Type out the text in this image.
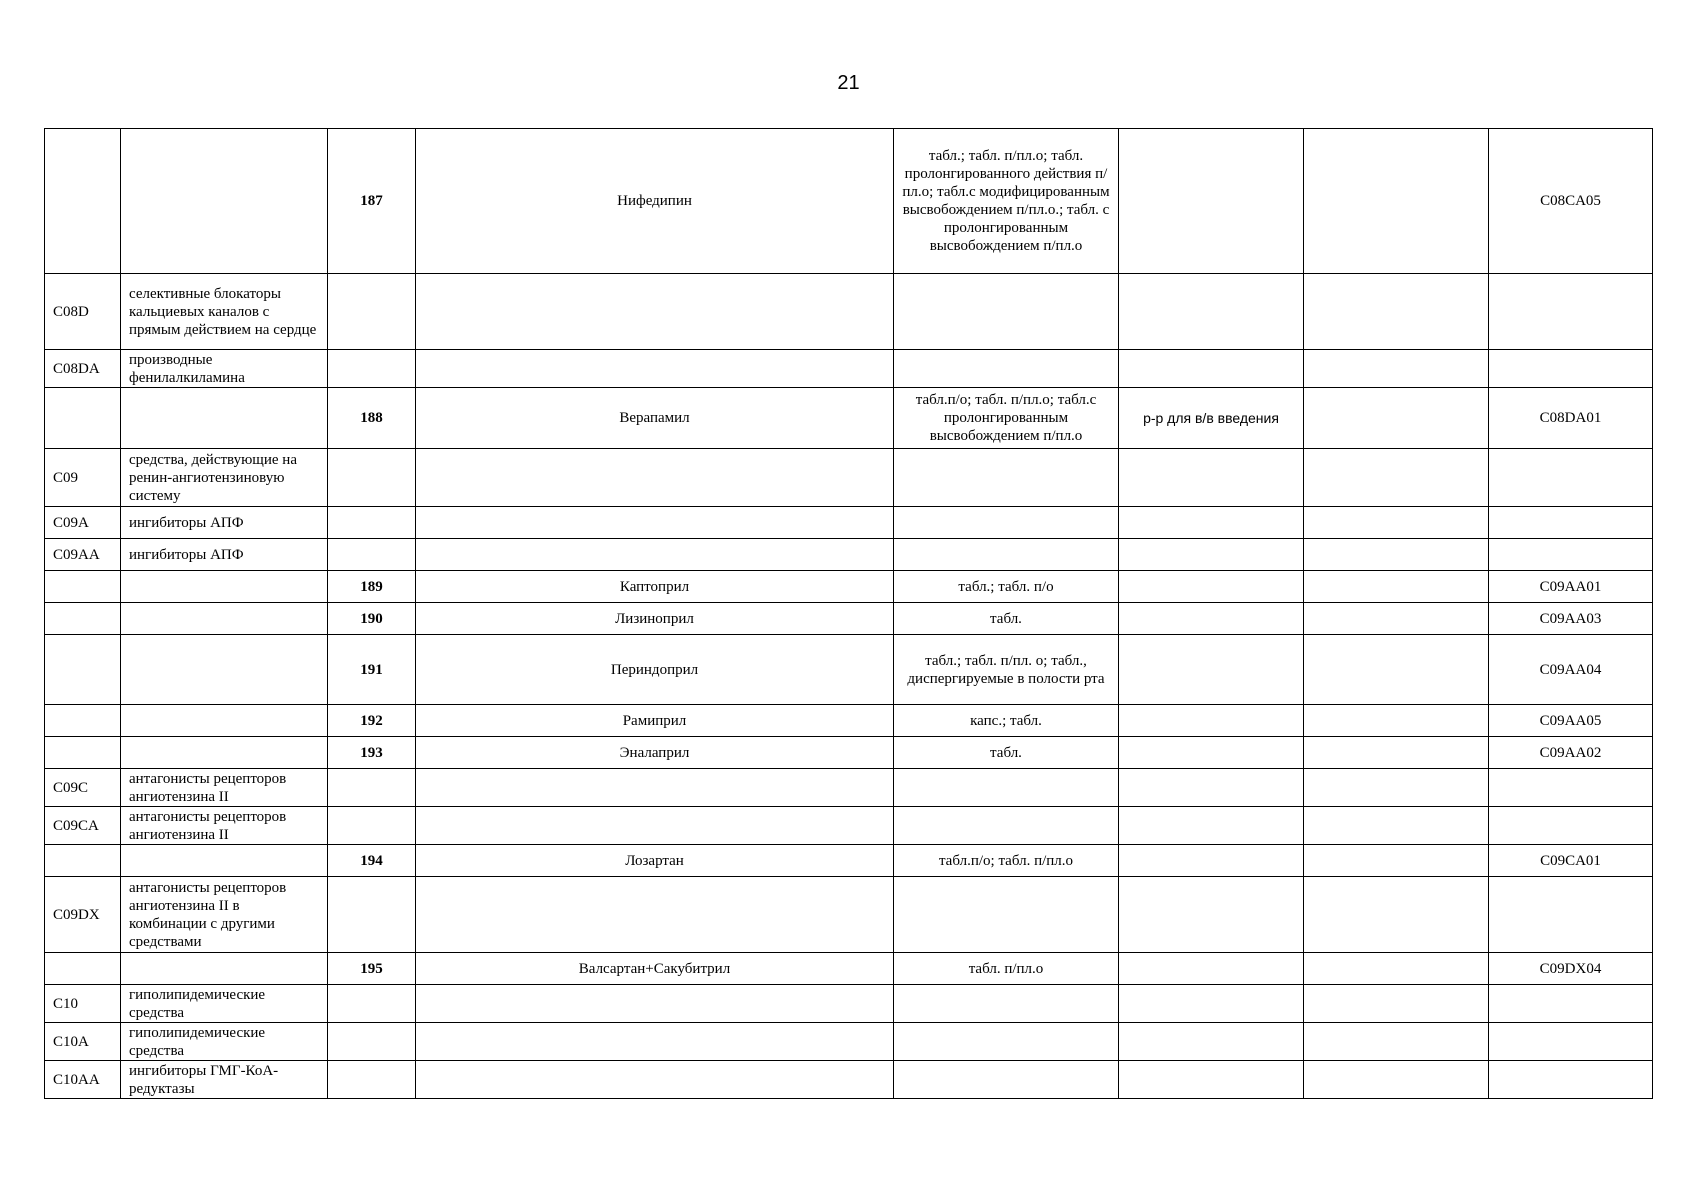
21
		187	Нифедипин	табл.; табл. п/пл.о; табл. пролонгированного действия п/пл.о; табл.с модифицированным высвобождением п/пл.о.; табл. с пролонгированным высвобождением п/пл.о			C08CA05
C08D	селективные блокаторы кальциевых каналов с прямым действием на сердце						
C08DA	производные фенилалкиламина						
		188	Верапамил	табл.п/о; табл. п/пл.о; табл.с пролонгированным высвобождением п/пл.о	р-р для в/в введения		C08DA01
C09	средства, действующие на ренин-ангиотензиновую систему						
C09A	ингибиторы АПФ						
C09AA	ингибиторы АПФ						
		189	Каптоприл	табл.; табл. п/о			C09AA01
		190	Лизиноприл	табл.			C09AA03
		191	Периндоприл	табл.; табл. п/пл. о; табл., диспергируемые в полости рта			C09AA04
		192	Рамиприл	капс.; табл.			C09AA05
		193	Эналаприл	табл.			C09AA02
C09C	антагонисты рецепторов ангиотензина II						
C09CA	антагонисты рецепторов ангиотензина II						
		194	Лозартан	табл.п/о; табл. п/пл.о			C09CA01
C09DX	антагонисты рецепторов ангиотензина II в комбинации с другими средствами						
		195	Валсартан+Сакубитрил	табл. п/пл.о			C09DX04
C10	гиполипидемические средства						
C10A	гиполипидемические средства						
C10AA	ингибиторы ГМГ-КоА-редуктазы						
